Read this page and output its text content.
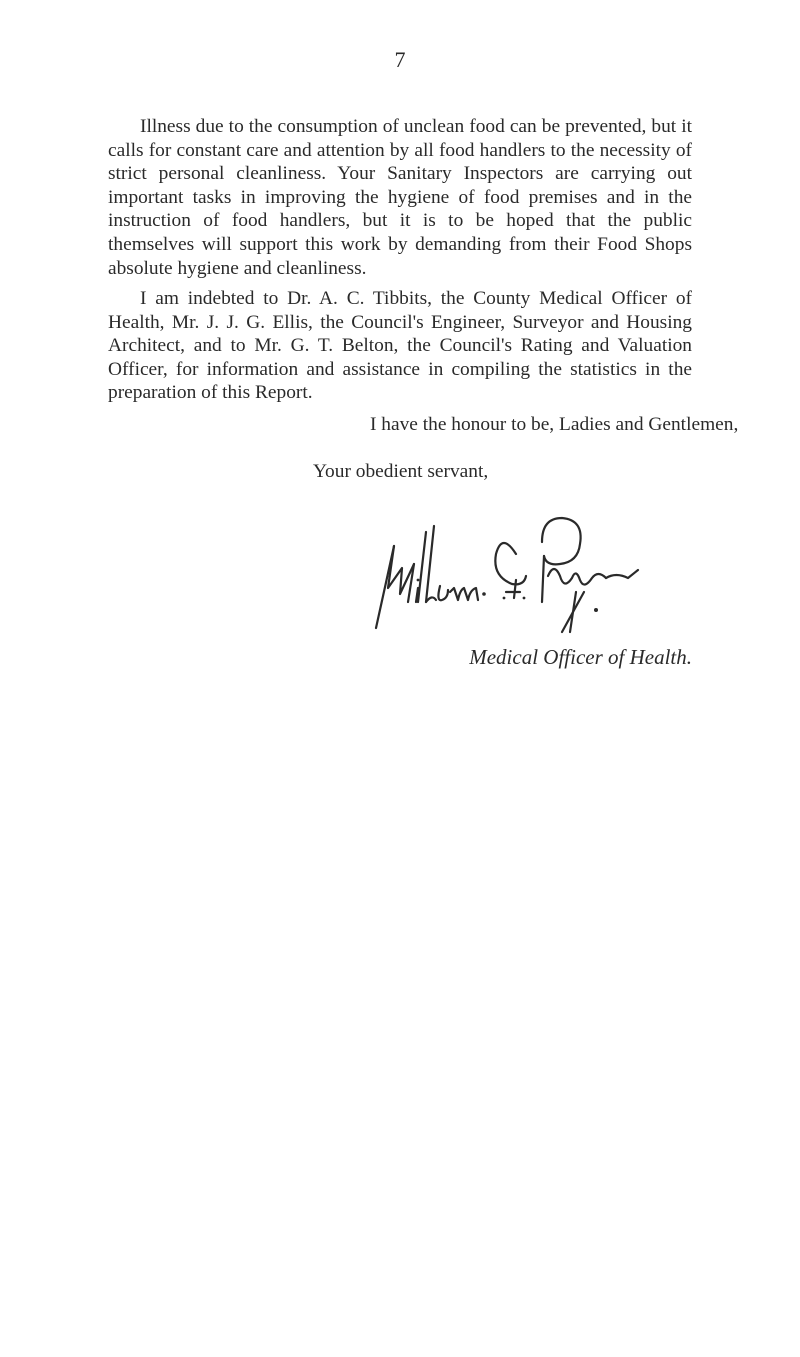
7

Illness due to the consumption of unclean food can be prevented, but it calls for constant care and attention by all food handlers to the necessity of strict personal cleanliness. Your Sanitary Inspectors are carrying out important tasks in improving the hygiene of food premises and in the instruction of food handlers, but it is to be hoped that the public themselves will support this work by demanding from their Food Shops absolute hygiene and cleanliness.

I am indebted to Dr. A. C. Tibbits, the County Medical Officer of Health, Mr. J. J. G. Ellis, the Council's Engineer, Surveyor and Housing Architect, and to Mr. G. T. Belton, the Council's Rating and Valuation Officer, for information and assistance in compiling the statistics in the preparation of this Report.

I have the honour to be, Ladies and Gentlemen,

Your obedient servant,

Medical Officer of Health.
